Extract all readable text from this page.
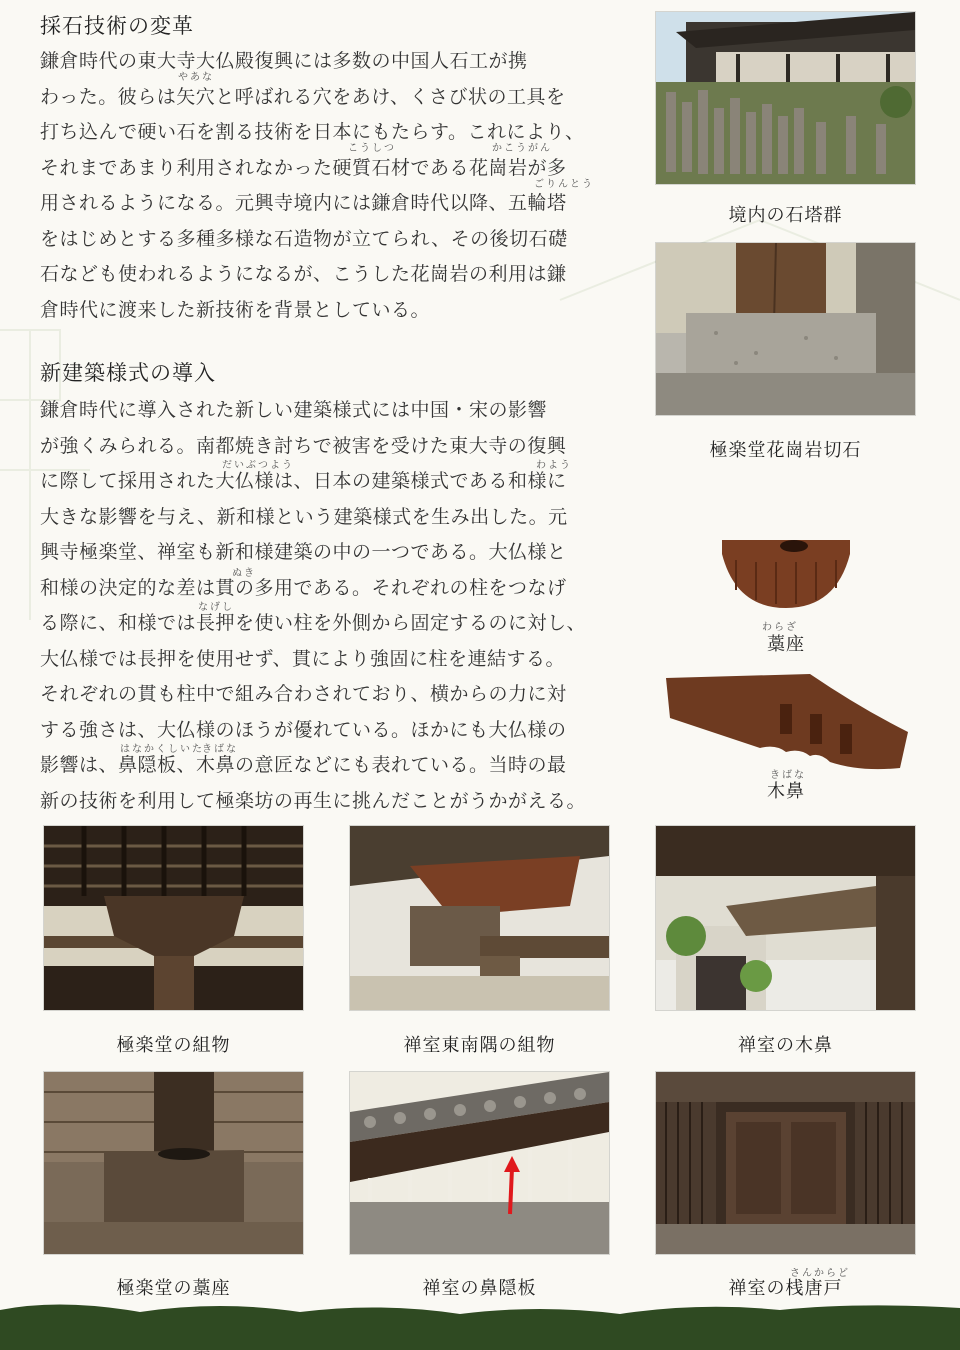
採石技術の変革
鎌倉時代の東大寺大仏殿復興には多数の中国人石工が携
わった。彼らは矢穴と呼ばれる穴をあけ、くさび状の工具を
打ち込んで硬い石を割る技術を日本にもたらす。これにより、
それまであまり利用されなかった硬質石材である花崗岩が多
用されるようになる。元興寺境内には鎌倉時代以降、五輪塔
をはじめとする多種多様な石造物が立てられ、その後切石礎
石なども使われるようになるが、こうした花崗岩の利用は鎌
倉時代に渡来した新技術を背景としている。
やあな
こうしつ	かこうがん
ごりんとう
新建築様式の導入
鎌倉時代に導入された新しい建築様式には中国・宋の影響
が強くみられる。南都焼き討ちで被害を受けた東大寺の復興
に際して採用された大仏様は、日本の建築様式である和様に
大きな影響を与え、新和様という建築様式を生み出した。元
興寺極楽堂、禅室も新和様建築の中の一つである。大仏様と
和様の決定的な差は貫の多用である。それぞれの柱をつなげ
る際に、和様では長押を使い柱を外側から固定するのに対し、
大仏様では長押を使用せず、貫により強固に柱を連結する。
それぞれの貫も柱中で組み合わされており、横からの力に対
する強さは、大仏様のほうが優れている。ほかにも大仏様の
影響は、鼻隠板、木鼻の意匠などにも表れている。当時の最
新の技術を利用して極楽坊の再生に挑んだことがうかがえる。
だいぶつよう	わよう
ぬき
なげし
はなかくしいた
きばな
境内の石塔群
極楽堂花崗岩切石
わらざ
藁座
きばな
木鼻
極楽堂の組物	禅室東南隅の組物	禅室の木鼻
極楽堂の藁座	禅室の鼻隠板
さんからど
禅室の桟唐戸
